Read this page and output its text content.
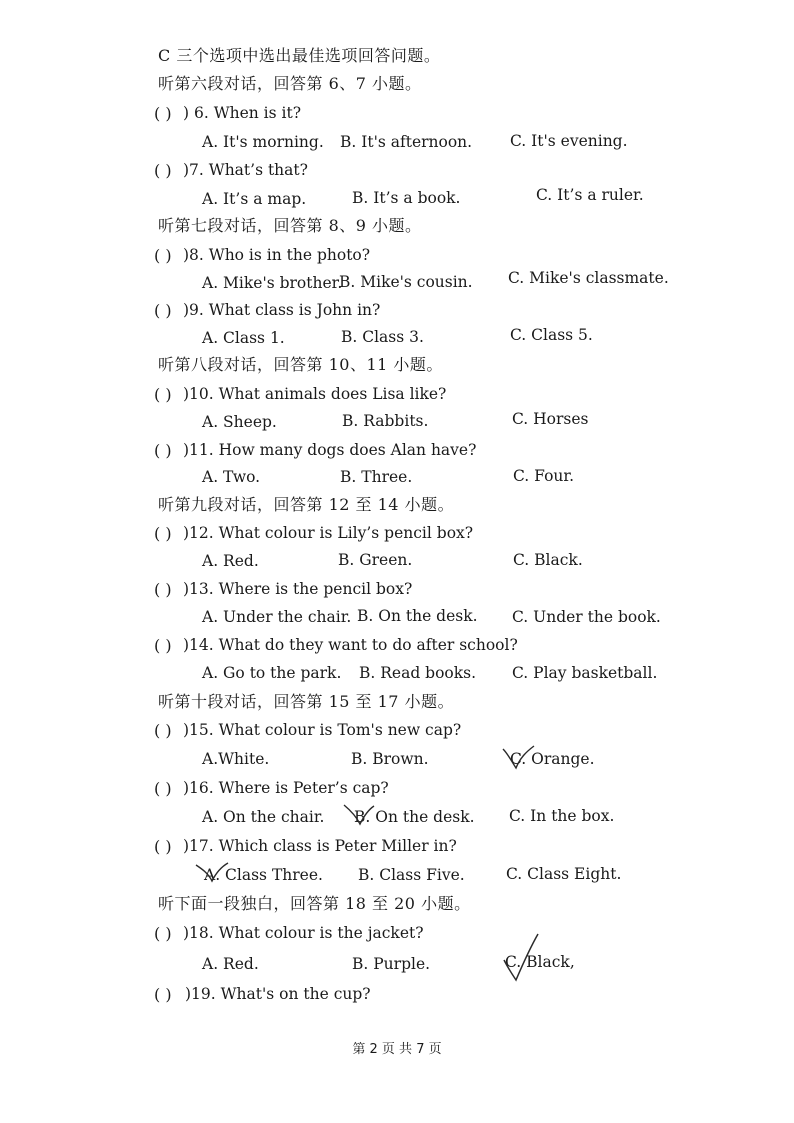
C 三个选项中选出最佳选项回答问题。
听第六段对话，回答第 6、7 小题。
( ) ) 6. When is it?
A. It's morning. B. It's afternoon. C. It's evening.
( ) )7. What’s that?
A. It’s a map.	B. It’s a book.	C. It’s a ruler.
听第七段对话，回答第 8、9 小题。
( ) )8. Who is in the photo?
A. Mike's brother.
B. Mike's cousin. C. Mike's classmate.
( ) )9. What class is John in?
A. Class 1.	B. Class 3.	C. Class 5.
听第八段对话，回答第 10、11 小题。
( ) )10. What animals does Lisa like?
A. Sheep.	B. Rabbits.	C. Horses
( ) )11. How many dogs does Alan have?
A. Two.	B. Three.	C. Four.
听第九段对话，回答第 12 至 14 小题。
( ) )12. What colour is Lily’s pencil box?
A. Red.	B. Green.	C. Black.
( ) )13. Where is the pencil box?
A. Under the chair. B. On the desk. C. Under the book.
( ) )14. What do they want to do after school?
A. Go to the park. B. Read books. C. Play basketball.
听第十段对话，回答第 15 至 17 小题。
( ) )15. What colour is Tom's new cap?
A.White.	B. Brown.	C. Orange.
( ) )16. Where is Peter’s cap?
A. On the chair. B. On the desk. C. In the box.
( ) )17. Which class is Peter Miller in?
A. Class Three. B. Class Five.	C. Class Eight.
听下面一段独白，回答第 18 至 20 小题。
( ) )18. What colour is the jacket?
A. Red.	B. Purple.	C. Black,
( ) )19. What's on the cup?
第 2 页 共 7 页
